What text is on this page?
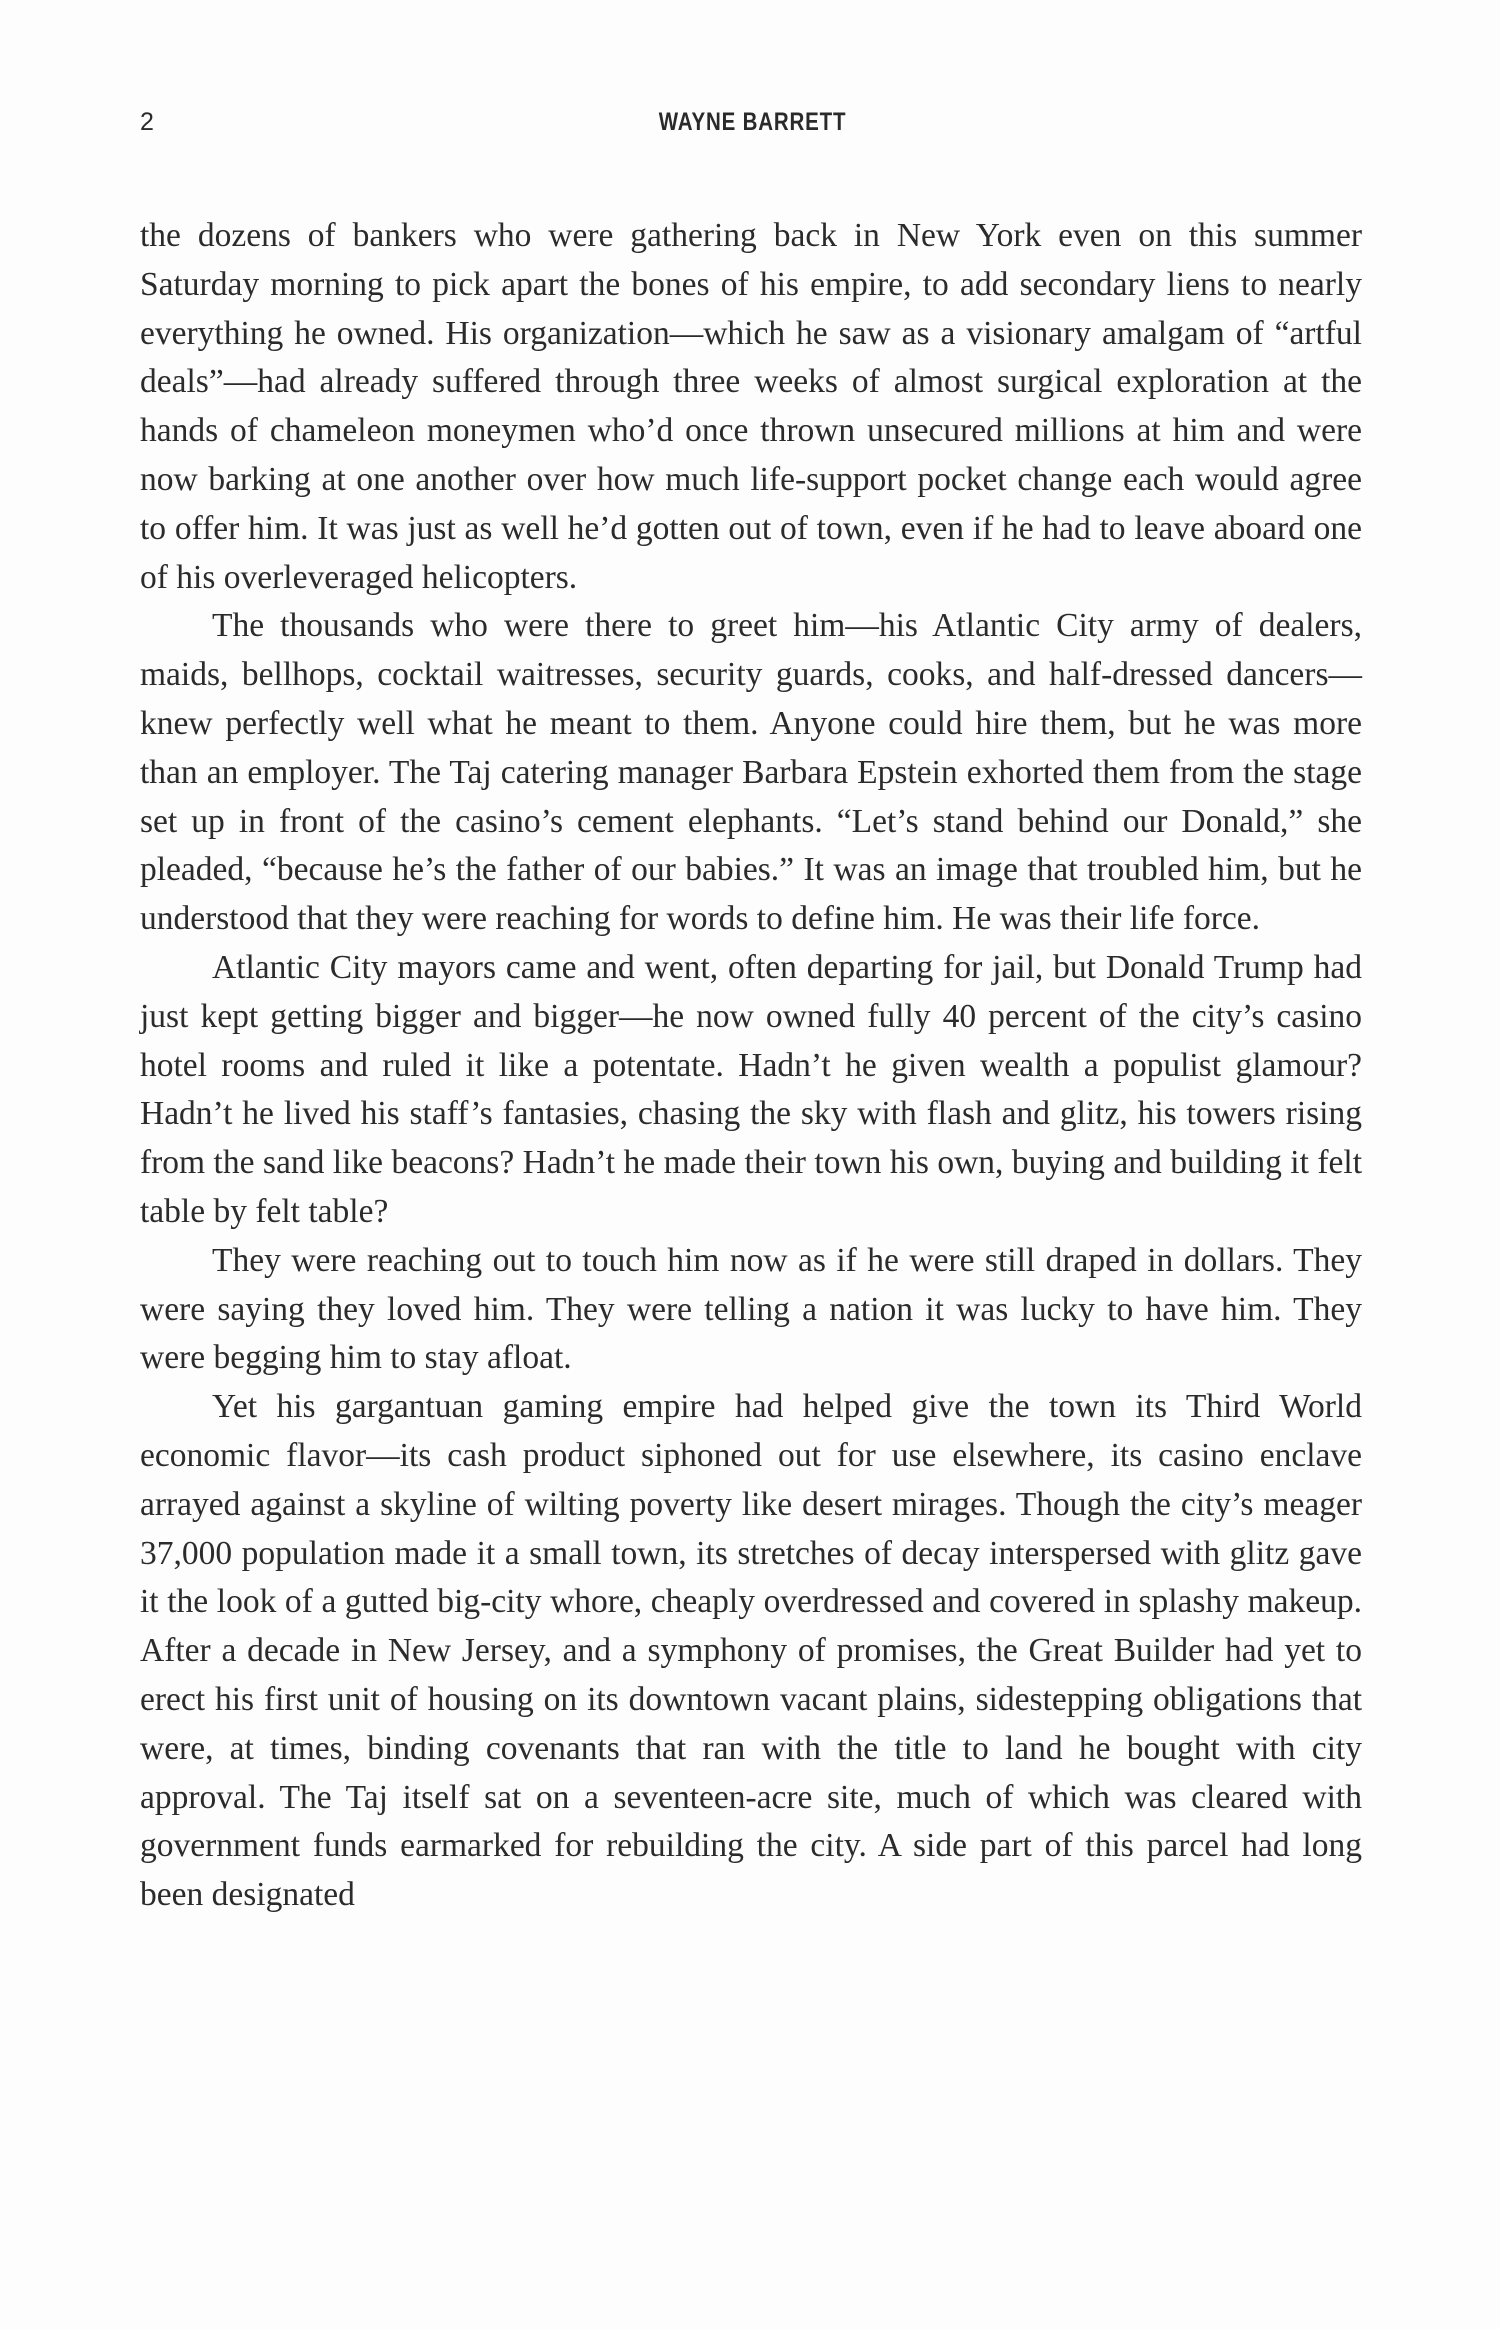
2	WAYNE BARRETT

the dozens of bankers who were gathering back in New York even on this summer Saturday morning to pick apart the bones of his empire, to add secondary liens to nearly everything he owned. His organization—which he saw as a visionary amalgam of “artful deals”—had already suffered through three weeks of almost surgical exploration at the hands of chameleon moneymen who’d once thrown unsecured millions at him and were now barking at one another over how much life-support pocket change each would agree to offer him. It was just as well he’d gotten out of town, even if he had to leave aboard one of his overleveraged helicopters.

The thousands who were there to greet him—his Atlantic City army of dealers, maids, bellhops, cocktail waitresses, security guards, cooks, and half-dressed dancers—knew perfectly well what he meant to them. Anyone could hire them, but he was more than an employer. The Taj catering manager Barbara Epstein exhorted them from the stage set up in front of the casino’s cement elephants. “Let’s stand behind our Donald,” she pleaded, “because he’s the father of our babies.” It was an image that troubled him, but he understood that they were reaching for words to define him. He was their life force.

Atlantic City mayors came and went, often departing for jail, but Donald Trump had just kept getting bigger and bigger—he now owned fully 40 percent of the city’s casino hotel rooms and ruled it like a potentate. Hadn’t he given wealth a populist glamour? Hadn’t he lived his staff’s fantasies, chasing the sky with flash and glitz, his towers rising from the sand like beacons? Hadn’t he made their town his own, buying and building it felt table by felt table?

They were reaching out to touch him now as if he were still draped in dollars. They were saying they loved him. They were telling a nation it was lucky to have him. They were begging him to stay afloat.

Yet his gargantuan gaming empire had helped give the town its Third World economic flavor—its cash product siphoned out for use elsewhere, its casino enclave arrayed against a skyline of wilting poverty like desert mirages. Though the city’s meager 37,000 population made it a small town, its stretches of decay interspersed with glitz gave it the look of a gutted big-city whore, cheaply overdressed and covered in splashy makeup. After a decade in New Jersey, and a symphony of promises, the Great Builder had yet to erect his first unit of housing on its downtown vacant plains, sidestepping obligations that were, at times, binding covenants that ran with the title to land he bought with city approval. The Taj itself sat on a seventeen-acre site, much of which was cleared with government funds earmarked for rebuilding the city. A side part of this parcel had long been designated
